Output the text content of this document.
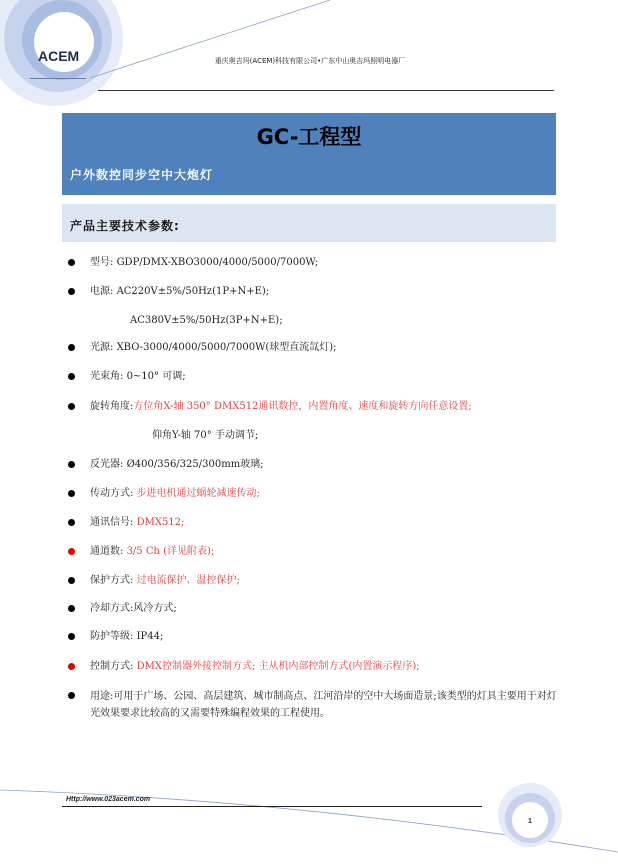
ACEM	重庆奥吉玛(ACEM)科技有限公司•广东中山奥吉玛照明电器厂
GC-工程型
户外数控同步空中大炮灯
产品主要技术参数:
型号: GDP/DMX-XBO3000/4000/5000/7000W;
电源: AC220V±5%/50Hz(1P+N+E);
AC380V±5%/50Hz(3P+N+E);
光源: XBO-3000/4000/5000/7000W(球型直流氙灯);
光束角: 0~10° 可调;
旋转角度:方位角X-轴 350° DMX512通讯数控，内置角度、速度和旋转方向任意设置;
仰角Y-轴 70° 手动调节;
反光器: Ø400/356/325/300mm玻璃;
传动方式: 步进电机通过蜗轮减速传动;
通讯信号: DMX512;
通道数: 3/5 Ch (详见附表);
保护方式: 过电流保护、温控保护;
冷却方式:风冷方式;
防护等级: IP44;
控制方式: DMX控制器外接控制方式; 主从机内部控制方式(内置演示程序);
用途:可用于广场、公园、高层建筑、城市制高点、江河沿岸的空中大场面造景;该类型的灯具主要用于对灯光效果要求比较高的又需要特殊编程效果的工程使用。
Http://www.023acem.com
1
